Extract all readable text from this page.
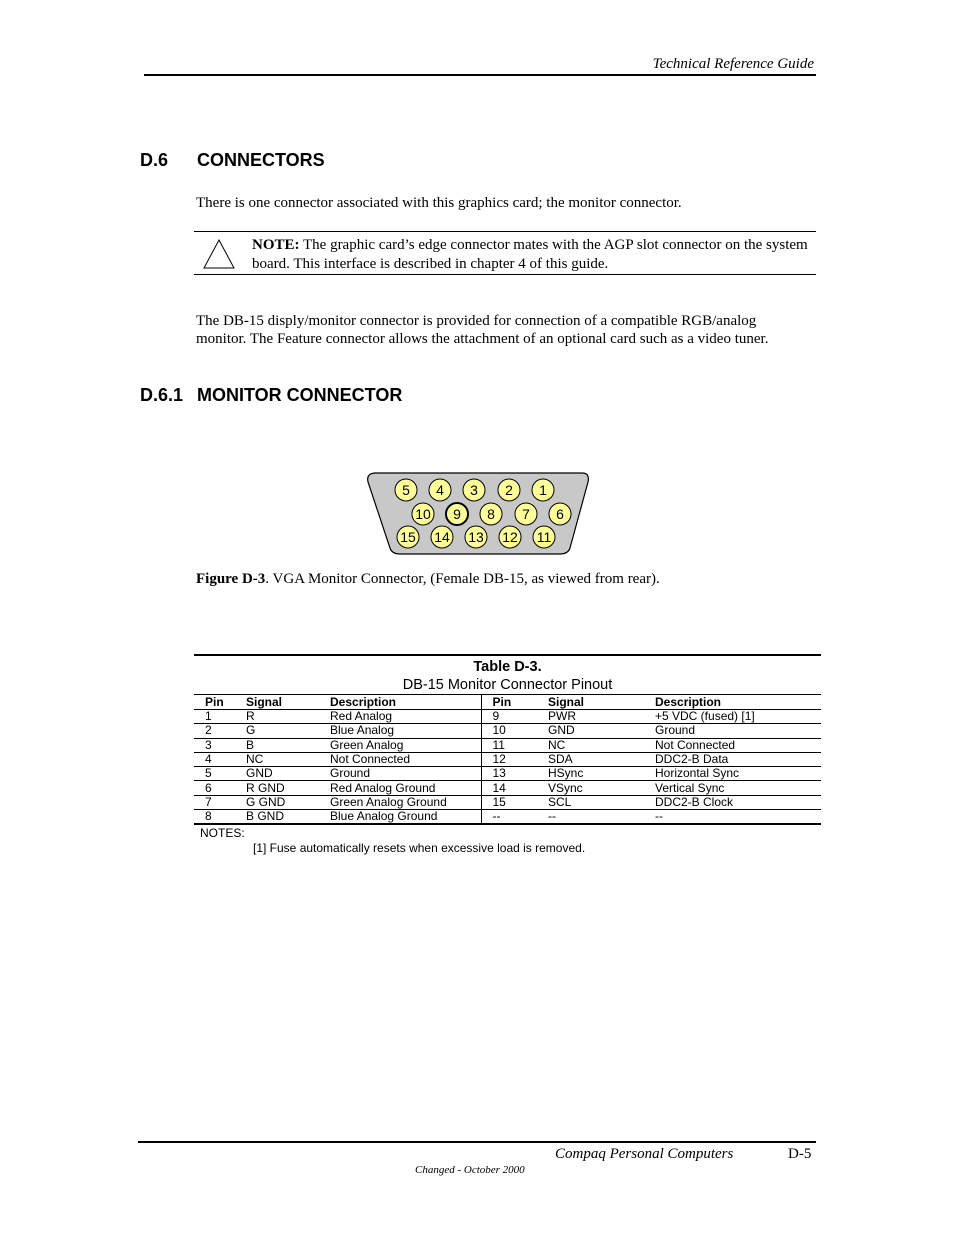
Technical Reference Guide
D.6 CONNECTORS
There is one connector associated with this graphics card; the monitor connector.
NOTE: The graphic card’s edge connector mates with the AGP slot connector on the system board. This interface is described in chapter 4 of this guide.
The DB-15 disply/monitor connector is provided for connection of a compatible RGB/analog
monitor. The Feature connector allows the attachment of an optional card such as a video tuner.
D.6.1 MONITOR CONNECTOR
5 4 3 2 1
10 9 8 7 6
15 14 13 12 11
Figure D-3. VGA Monitor Connector, (Female DB-15, as viewed from rear).
Table D-3.
DB-15 Monitor Connector Pinout
Pin	Signal	Description	Pin	Signal	Description
1	R	Red Analog	9	PWR	+5 VDC (fused) [1]
2	G	Blue Analog	10	GND	Ground
3	B	Green Analog	11	NC	Not Connected
4	NC	Not Connected	12	SDA	DDC2-B Data
5	GND	Ground	13	HSync	Horizontal Sync
6	R GND	Red Analog Ground	14	VSync	Vertical Sync
7	G GND	Green Analog Ground	15	SCL	DDC2-B Clock
8	B GND	Blue Analog Ground	--	--	--
NOTES:
[1] Fuse automatically resets when excessive load is removed.
Compaq Personal Computers	D-5
Changed - October 2000
